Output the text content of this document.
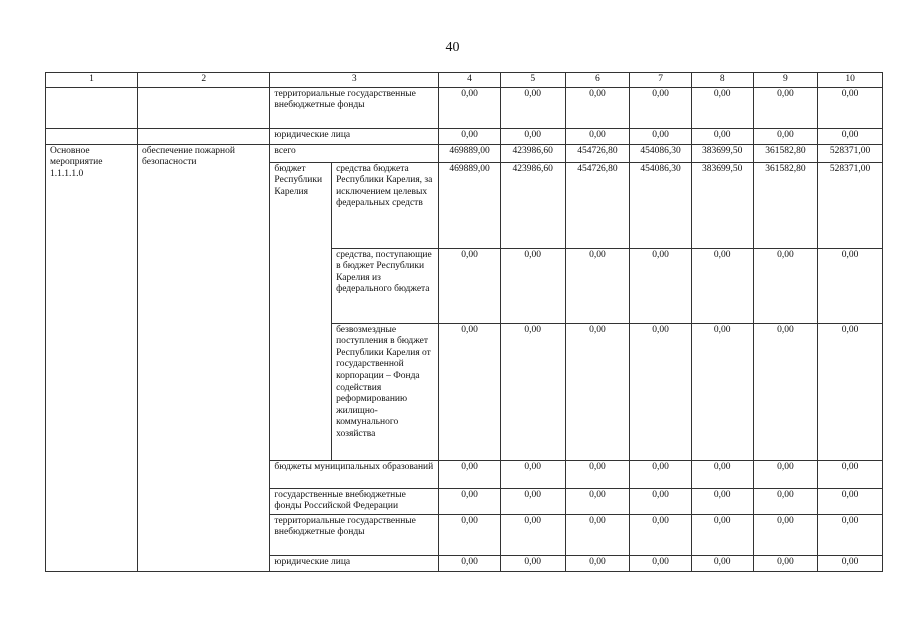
40
1	2	3		4	5	6	7	8	9	10
		территориальные государственные внебюджетные фонды		0,00	0,00	0,00	0,00	0,00	0,00	0,00
		юридические лица		0,00	0,00	0,00	0,00	0,00	0,00	0,00
Основное мероприятие 1.1.1.1.0	обеспечение пожарной безопасности	всего		469889,00	423986,60	454726,80	454086,30	383699,50	361582,80	528371,00
		бюджет Республики Карелия	средства бюджета Республики Карелия, за исключением целевых федеральных средств	469889,00	423986,60	454726,80	454086,30	383699,50	361582,80	528371,00
			средства, поступающие в бюджет Республики Карелия из федерального бюджета	0,00	0,00	0,00	0,00	0,00	0,00	0,00
			безвозмездные поступления в бюджет Республики Карелия от государственной корпорации – Фонда содействия реформированию жилищно-коммунального хозяйства	0,00	0,00	0,00	0,00	0,00	0,00	0,00
		бюджеты муниципальных образований		0,00	0,00	0,00	0,00	0,00	0,00	0,00
		государственные внебюджетные фонды Российской Федерации		0,00	0,00	0,00	0,00	0,00	0,00	0,00
		территориальные государственные внебюджетные фонды		0,00	0,00	0,00	0,00	0,00	0,00	0,00
		юридические лица		0,00	0,00	0,00	0,00	0,00	0,00	0,00
